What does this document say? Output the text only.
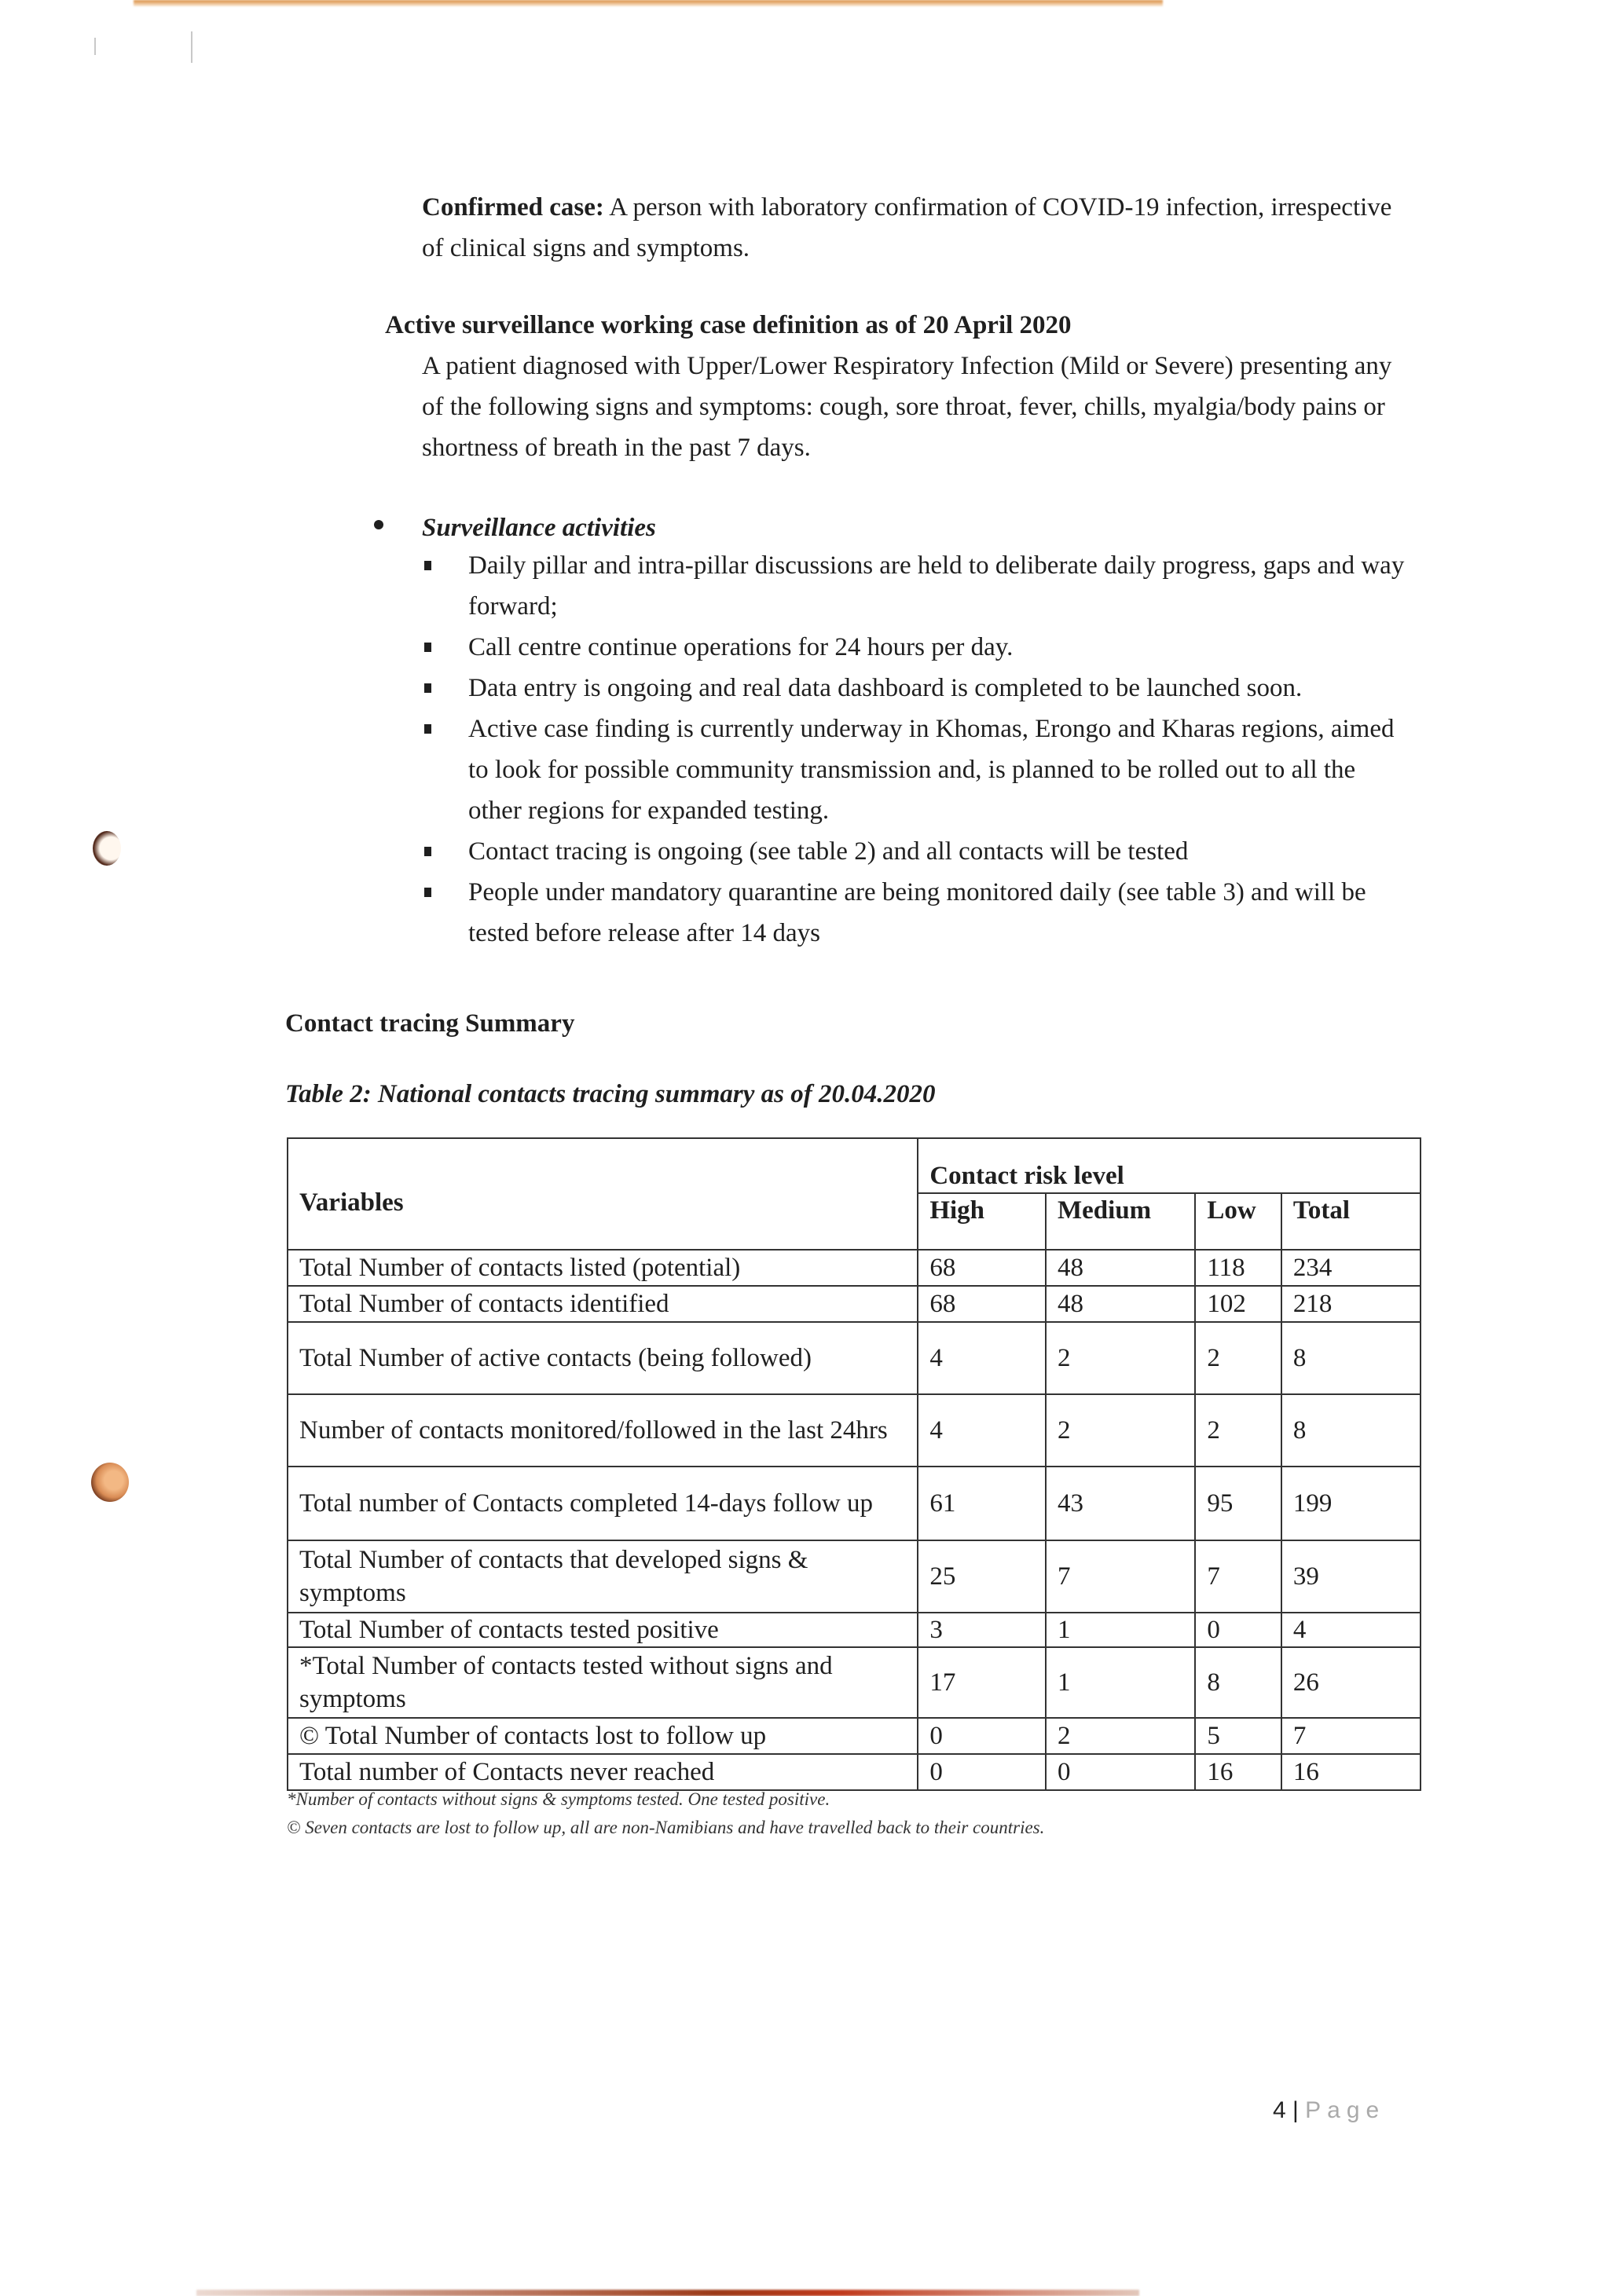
Confirmed case: A person with laboratory confirmation of COVID-19 infection, irrespective of clinical signs and symptoms.
Active surveillance working case definition as of 20 April 2020
A patient diagnosed with Upper/Lower Respiratory Infection (Mild or Severe) presenting any of the following signs and symptoms: cough, sore throat, fever, chills, myalgia/body pains or shortness of breath in the past 7 days.
Surveillance activities
Daily pillar and intra-pillar discussions are held to deliberate daily progress, gaps and way forward;
Call centre continue operations for 24 hours per day.
Data entry is ongoing and real data dashboard is completed to be launched soon.
Active case finding is currently underway in Khomas, Erongo and Kharas regions, aimed to look for possible community transmission and, is planned to be rolled out to all the other regions for expanded testing.
Contact tracing is ongoing (see table 2) and all contacts will be tested
People under mandatory quarantine are being monitored daily (see table 3) and will be tested before release after 14 days
Contact tracing Summary
Table 2: National contacts tracing summary as of 20.04.2020
Variables	Contact risk level			
	High	Medium	Low	Total
Total Number of contacts listed (potential)	68	48	118	234
Total Number of contacts identified	68	48	102	218
Total Number of active contacts (being followed)	4	2	2	8
Number of contacts monitored/followed in the last 24hrs	4	2	2	8
Total number of Contacts completed 14-days follow up	61	43	95	199
Total Number of contacts that developed signs & symptoms	25	7	7	39
Total Number of contacts tested positive	3	1	0	4
*Total Number of contacts tested without signs and symptoms	17	1	8	26
© Total Number of contacts lost to follow up	0	2	5	7
Total number of Contacts never reached	0	0	16	16
*Number of contacts without signs & symptoms tested. One tested positive.
© Seven contacts are lost to follow up, all are non-Namibians and have travelled back to their countries.
4 | Page
